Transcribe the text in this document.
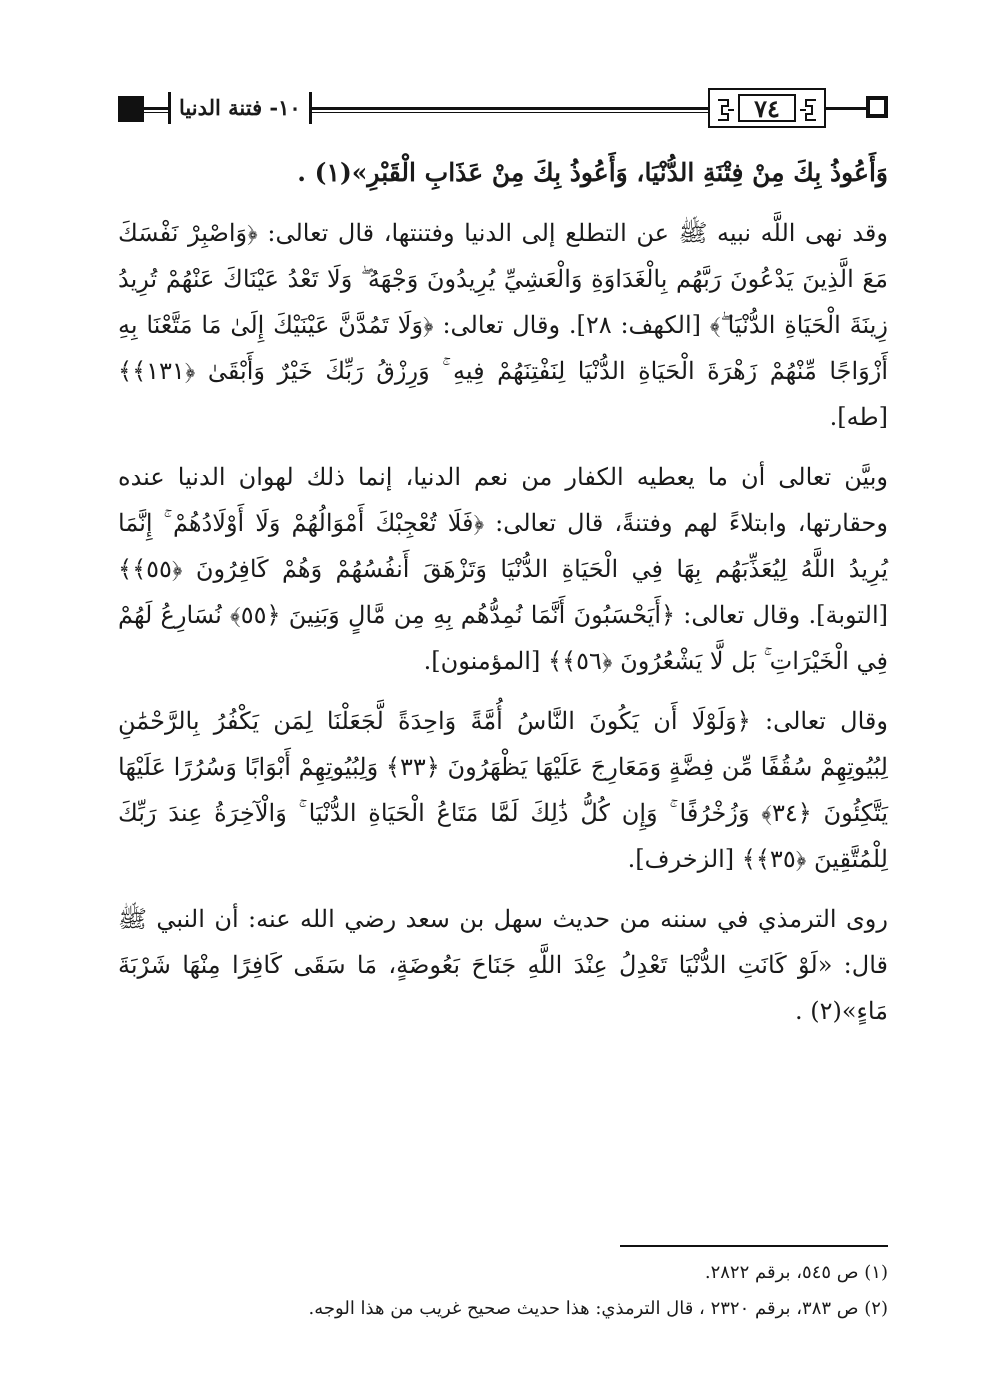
١٠- فتنة الدنيا	٧٤

وَأَعُوذُ بِكَ مِنْ فِتْنَةِ الدُّنْيَا، وَأَعُوذُ بِكَ مِنْ عَذَابِ الْقَبْرِ»(١) .

وقد نهى اللَّه نبيه ﷺ عن التطلع إلى الدنيا وفتنتها، قال تعالى: ﴿وَاصْبِرْ نَفْسَكَ مَعَ الَّذِينَ يَدْعُونَ رَبَّهُم بِالْغَدَاوَةِ وَالْعَشِيِّ يُرِيدُونَ وَجْهَهُ ۖ وَلَا تَعْدُ عَيْنَاكَ عَنْهُمْ تُرِيدُ زِينَةَ الْحَيَاةِ الدُّنْيَا ۖ﴾ [الكهف: ٢٨]. وقال تعالى: ﴿وَلَا تَمُدَّنَّ عَيْنَيْكَ إِلَىٰ مَا مَتَّعْنَا بِهِ أَزْوَاجًا مِّنْهُمْ زَهْرَةَ الْحَيَاةِ الدُّنْيَا لِنَفْتِنَهُمْ فِيهِ ۚ وَرِزْقُ رَبِّكَ خَيْرٌ وَأَبْقَىٰ ﴿١٣١﴾﴾ [طه].

وبيَّن تعالى أن ما يعطيه الكفار من نعم الدنيا، إنما ذلك لهوان الدنيا عنده وحقارتها، وابتلاءً لهم وفتنةً، قال تعالى: ﴿فَلَا تُعْجِبْكَ أَمْوَالُهُمْ وَلَا أَوْلَادُهُمْ ۚ إِنَّمَا يُرِيدُ اللَّهُ لِيُعَذِّبَهُم بِهَا فِي الْحَيَاةِ الدُّنْيَا وَتَزْهَقَ أَنفُسُهُمْ وَهُمْ كَافِرُونَ ﴿٥٥﴾﴾ [التوبة]. وقال تعالى: ﴿أَيَحْسَبُونَ أَنَّمَا نُمِدُّهُم بِهِ مِن مَّالٍ وَبَنِينَ ﴿٥٥﴾ نُسَارِعُ لَهُمْ فِي الْخَيْرَاتِ ۚ بَل لَّا يَشْعُرُونَ ﴿٥٦﴾﴾ [المؤمنون].

وقال تعالى: ﴿وَلَوْلَا أَن يَكُونَ النَّاسُ أُمَّةً وَاحِدَةً لَّجَعَلْنَا لِمَن يَكْفُرُ بِالرَّحْمَٰنِ لِبُيُوتِهِمْ سُقُفًا مِّن فِضَّةٍ وَمَعَارِجَ عَلَيْهَا يَظْهَرُونَ ﴿٣٣﴾ وَلِبُيُوتِهِمْ أَبْوَابًا وَسُرُرًا عَلَيْهَا يَتَّكِئُونَ ﴿٣٤﴾ وَزُخْرُفًا ۚ وَإِن كُلُّ ذَٰلِكَ لَمَّا مَتَاعُ الْحَيَاةِ الدُّنْيَا ۚ وَالْآخِرَةُ عِندَ رَبِّكَ لِلْمُتَّقِينَ ﴿٣٥﴾﴾ [الزخرف].

روى الترمذي في سننه من حديث سهل بن سعد رضي الله عنه: أن النبي ﷺ قال: «لَوْ كَانَتِ الدُّنْيَا تَعْدِلُ عِنْدَ اللَّهِ جَنَاحَ بَعُوضَةٍ، مَا سَقَى كَافِرًا مِنْهَا شَرْبَةَ مَاءٍ»(٢) .

(١) ص ٥٤٥، برقم ٢٨٢٢.
(٢) ص ٣٨٣، برقم ٢٣٢٠ ، قال الترمذي: هذا حديث صحيح غريب من هذا الوجه.
